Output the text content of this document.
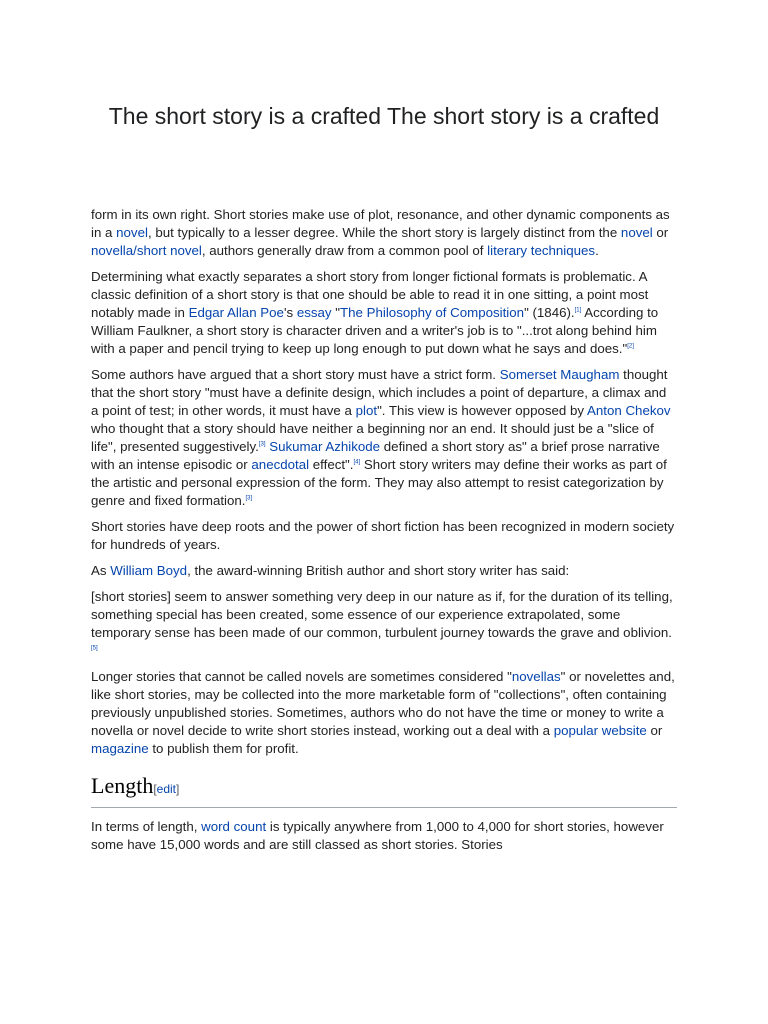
The short story is a crafted The short story is a crafted

form in its own right. Short stories make use of plot, resonance, and other dynamic components as in a novel, but typically to a lesser degree. While the short story is largely distinct from the novel or novella/short novel, authors generally draw from a common pool of literary techniques.

Determining what exactly separates a short story from longer fictional formats is problematic. A classic definition of a short story is that one should be able to read it in one sitting, a point most notably made in Edgar Allan Poe's essay "The Philosophy of Composition" (1846).[1] According to William Faulkner, a short story is character driven and a writer's job is to "...trot along behind him with a paper and pencil trying to keep up long enough to put down what he says and does."[2]

Some authors have argued that a short story must have a strict form. Somerset Maugham thought that the short story "must have a definite design, which includes a point of departure, a climax and a point of test; in other words, it must have a plot". This view is however opposed by Anton Chekov who thought that a story should have neither a beginning nor an end. It should just be a "slice of life", presented suggestively.[3] Sukumar Azhikode defined a short story as" a brief prose narrative with an intense episodic or anecdotal effect".[4] Short story writers may define their works as part of the artistic and personal expression of the form. They may also attempt to resist categorization by genre and fixed formation.[3]

Short stories have deep roots and the power of short fiction has been recognized in modern society for hundreds of years.

As William Boyd, the award-winning British author and short story writer has said:

[short stories] seem to answer something very deep in our nature as if, for the duration of its telling, something special has been created, some essence of our experience extrapolated, some temporary sense has been made of our common, turbulent journey towards the grave and oblivion.[5]

Longer stories that cannot be called novels are sometimes considered "novellas" or novelettes and, like short stories, may be collected into the more marketable form of "collections", often containing previously unpublished stories. Sometimes, authors who do not have the time or money to write a novella or novel decide to write short stories instead, working out a deal with a popular website or magazine to publish them for profit.

Length[edit]

In terms of length, word count is typically anywhere from 1,000 to 4,000 for short stories, however some have 15,000 words and are still classed as short stories. Stories
